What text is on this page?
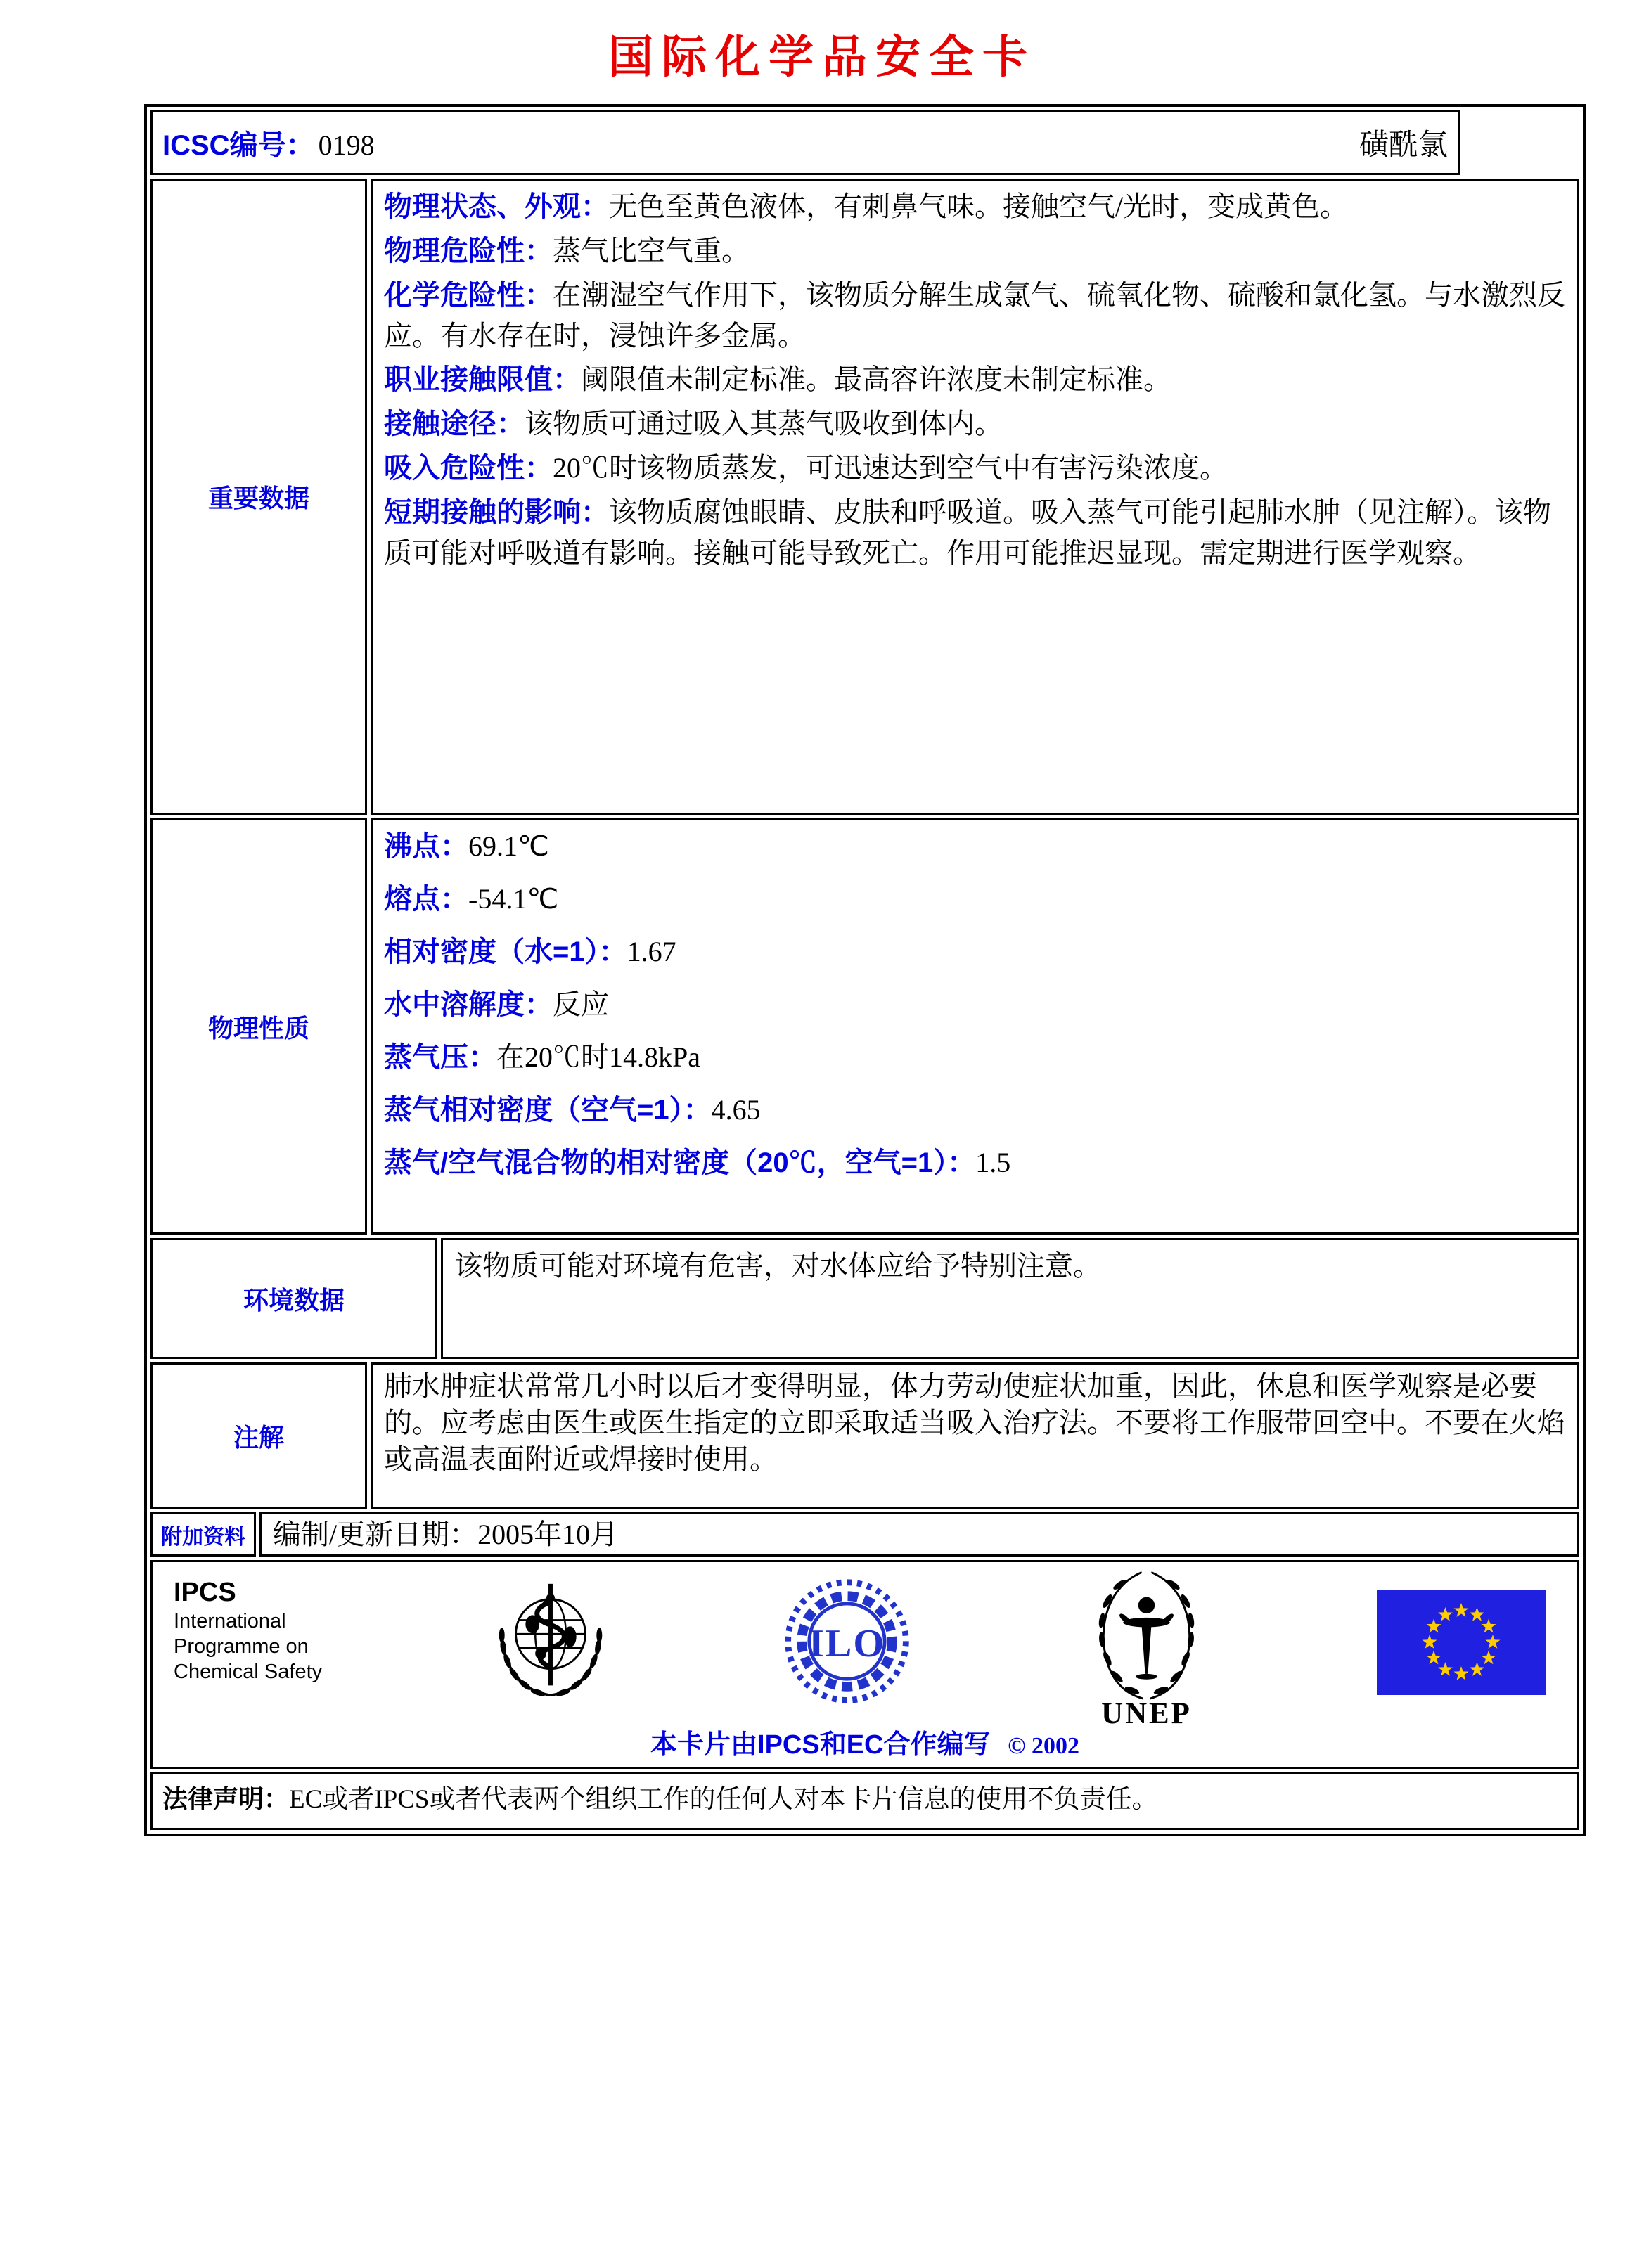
国际化学品安全卡
ICSC编号： 0198	磺酰氯
重要数据

物理状态、外观：无色至黄色液体，有刺鼻气味。接触空气/光时，变成黄色。

物理危险性：蒸气比空气重。

化学危险性：在潮湿空气作用下，该物质分解生成氯气、硫氧化物、硫酸和氯化氢。与水激烈反应。有水存在时，浸蚀许多金属。

职业接触限值：阈限值未制定标准。最高容许浓度未制定标准。

接触途径：该物质可通过吸入其蒸气吸收到体内。

吸入危险性：20℃时该物质蒸发，可迅速达到空气中有害污染浓度。

短期接触的影响：该物质腐蚀眼睛、皮肤和呼吸道。吸入蒸气可能引起肺水肿（见注解）。该物质可能对呼吸道有影响。接触可能导致死亡。作用可能推迟显现。需定期进行医学观察。

物理性质

沸点：69.1℃

熔点：-54.1℃

相对密度（水=1）：1.67

水中溶解度：反应

蒸气压：在20℃时14.8kPa

蒸气相对密度（空气=1）：4.65

蒸气/空气混合物的相对密度（20℃，空气=1）：1.5

环境数据

该物质可能对环境有危害，对水体应给予特别注意。

注解

肺水肿症状常常几小时以后才变得明显，体力劳动使症状加重，因此，休息和医学观察是必要的。应考虑由医生或医生指定的立即采取适当吸入治疗法。不要将工作服带回空中。不要在火焰或高温表面附近或焊接时使用。

附加资料 编制/更新日期：2005年10月

IPCS
International
Programme on
Chemical Safety
ILO
UNEP
本卡片由IPCS和EC合作编写 © 2002
法律声明：EC或者IPCS或者代表两个组织工作的任何人对本卡片信息的使用不负责任。
